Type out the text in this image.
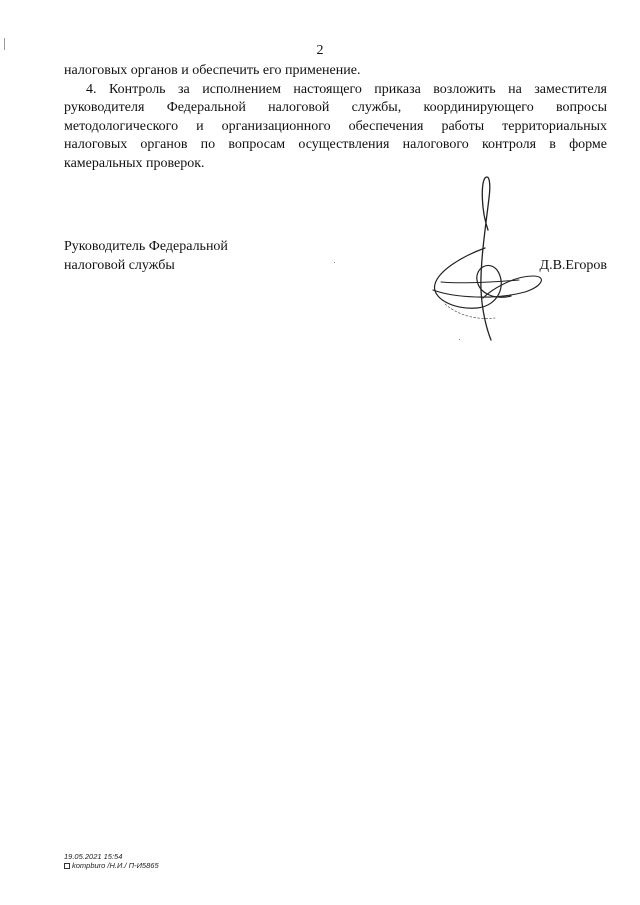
2
налоговых органов и обеспечить его применение.
4. Контроль за исполнением настоящего приказа возложить на заместителя
руководителя Федеральной налоговой службы, координирующего вопросы
методологического и организационного обеспечения работы территориальных
налоговых органов по вопросам осуществления налогового контроля в форме
камеральных проверок.
Руководитель Федеральной
налоговой службы	Д.В.Егоров
19.05.2021 15:54
kompburo /Н.И./ П-И5865
